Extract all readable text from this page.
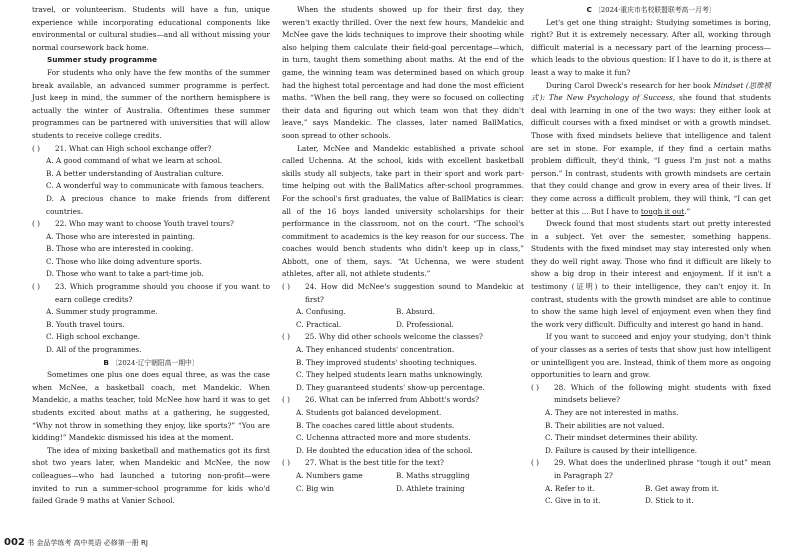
travel, or volunteerism. Students will have a fun, unique experience while incorporating educational components like environmental or cultural studies—and all without missing your normal coursework back home.

Summer study programme

For students who only have the few months of the summer break available, an advanced summer programme is perfect. Just keep in mind, the summer of the northern hemisphere is actually the winter of Australia. Oftentimes these summer programmes can be partnered with universities that will allow students to receive college credits.

( ) 21. What can High school exchange offer?

A. A good command of what we learn at school.

B. A better understanding of Australian culture.

C. A wonderful way to communicate with famous teachers.

D. A precious chance to make friends from different countries.

( ) 22. Who may want to choose Youth travel tours?

A. Those who are interested in painting.

B. Those who are interested in cooking.

C. Those who like doing adventure sports.

D. Those who want to take a part-time job.

( ) 23. Which programme should you choose if you want to earn college credits?

A. Summer study programme.

B. Youth travel tours.

C. High school exchange.

D. All of the programmes.

B 〔2024·辽宁朝阳高一期中〕

Sometimes one plus one does equal three, as was the case when McNee, a basketball coach, met Mandekic. When Mandekic, a maths teacher, told McNee how hard it was to get students excited about maths at a gathering, he suggested, “Why not throw in something they enjoy, like sports?” “You are kidding!” Mandekic dismissed his idea at the moment.

The idea of mixing basketball and mathematics got its first shot two years later, when Mandekic and McNee, the now colleagues—who had launched a tutoring non-profit—were invited to run a summer-school programme for kids who'd failed Grade 9 maths at Vanier School.

When the students showed up for their first day, they weren't exactly thrilled. Over the next few hours, Mandekic and McNee gave the kids techniques to improve their shooting while also helping them calculate their field-goal percentage—which, in turn, taught them something about maths. At the end of the game, the winning team was determined based on which group had the highest total percentage and had done the most efficient maths. “When the bell rang, they were so focused on collecting their data and figuring out which team won that they didn't leave,” says Mandekic. The classes, later named BallMatics, soon spread to other schools.

Later, McNee and Mandekic established a private school called Uchenna. At the school, kids with excellent basketball skills study all subjects, take part in their sport and work part-time helping out with the BallMatics after-school programmes. For the school's first graduates, the value of BallMatics is clear: all of the 16 boys landed university scholarships for their performance in the classroom, not on the court. “The school's commitment to academics is the key reason for our success. The coaches would bench students who didn't keep up in class,” Abbott, one of them, says. “At Uchenna, we were student athletes, after all, not athlete students.”

( ) 24. How did McNee's suggestion sound to Mandekic at first?

A. Confusing.	B. Absurd.
C. Practical.	D. Professional.
( ) 25. Why did other schools welcome the classes?

A. They enhanced students' concentration.

B. They improved students' shooting techniques.

C. They helped students learn maths unknowingly.

D. They guaranteed students' show-up percentage.

( ) 26. What can be inferred from Abbott's words?

A. Students got balanced development.

B. The coaches cared little about students.

C. Uchenna attracted more and more students.

D. He doubted the education idea of the school.

( ) 27. What is the best title for the text?

A. Numbers game	B. Maths struggling
C. Big win	D. Athlete training

C 〔2024·重庆市名校联盟联考高一月考〕

Let's get one thing straight: Studying sometimes is boring, right? But it is extremely necessary. After all, working through difficult material is a necessary part of the learning process—which leads to the obvious question: If I have to do it, is there at least a way to make it fun?

During Carol Dweck's research for her book Mindset (思维模式): The New Psychology of Success, she found that students deal with learning in one of the two ways: they either look at difficult courses with a fixed mindset or with a growth mindset. Those with fixed mindsets believe that intelligence and talent are set in stone. For example, if they find a certain maths problem difficult, they'd think, “I guess I'm just not a maths person.” In contrast, students with growth mindsets are certain that they could change and grow in every area of their lives. If they come across a difficult problem, they will think, “I can get better at this ... But I have to tough it out.”

Dweck found that most students start out pretty interested in a subject. Yet over the semester, something happens. Students with the fixed mindset may stay interested only when they do well right away. Those who find it difficult are likely to show a big drop in their interest and enjoyment. If it isn't a testimony (证明) to their intelligence, they can't enjoy it. In contrast, students with the growth mindset are able to continue to show the same high level of enjoyment even when they find the work very difficult. Difficulty and interest go hand in hand.

If you want to succeed and enjoy your studying, don't think of your classes as a series of tests that show just how intelligent or unintelligent you are. Instead, think of them more as ongoing opportunities to learn and grow.

( ) 28. Which of the following might students with fixed mindsets believe?

A. They are not interested in maths.

B. Their abilities are not valued.

C. Their mindset determines their ability.

D. Failure is caused by their intelligence.

( ) 29. What does the underlined phrase “tough it out” mean in Paragraph 2?

A. Refer to it.	B. Get away from it.
C. Give in to it.	D. Stick to it.
002 书 金品学练考 高中英语 必修第一册 RJ
